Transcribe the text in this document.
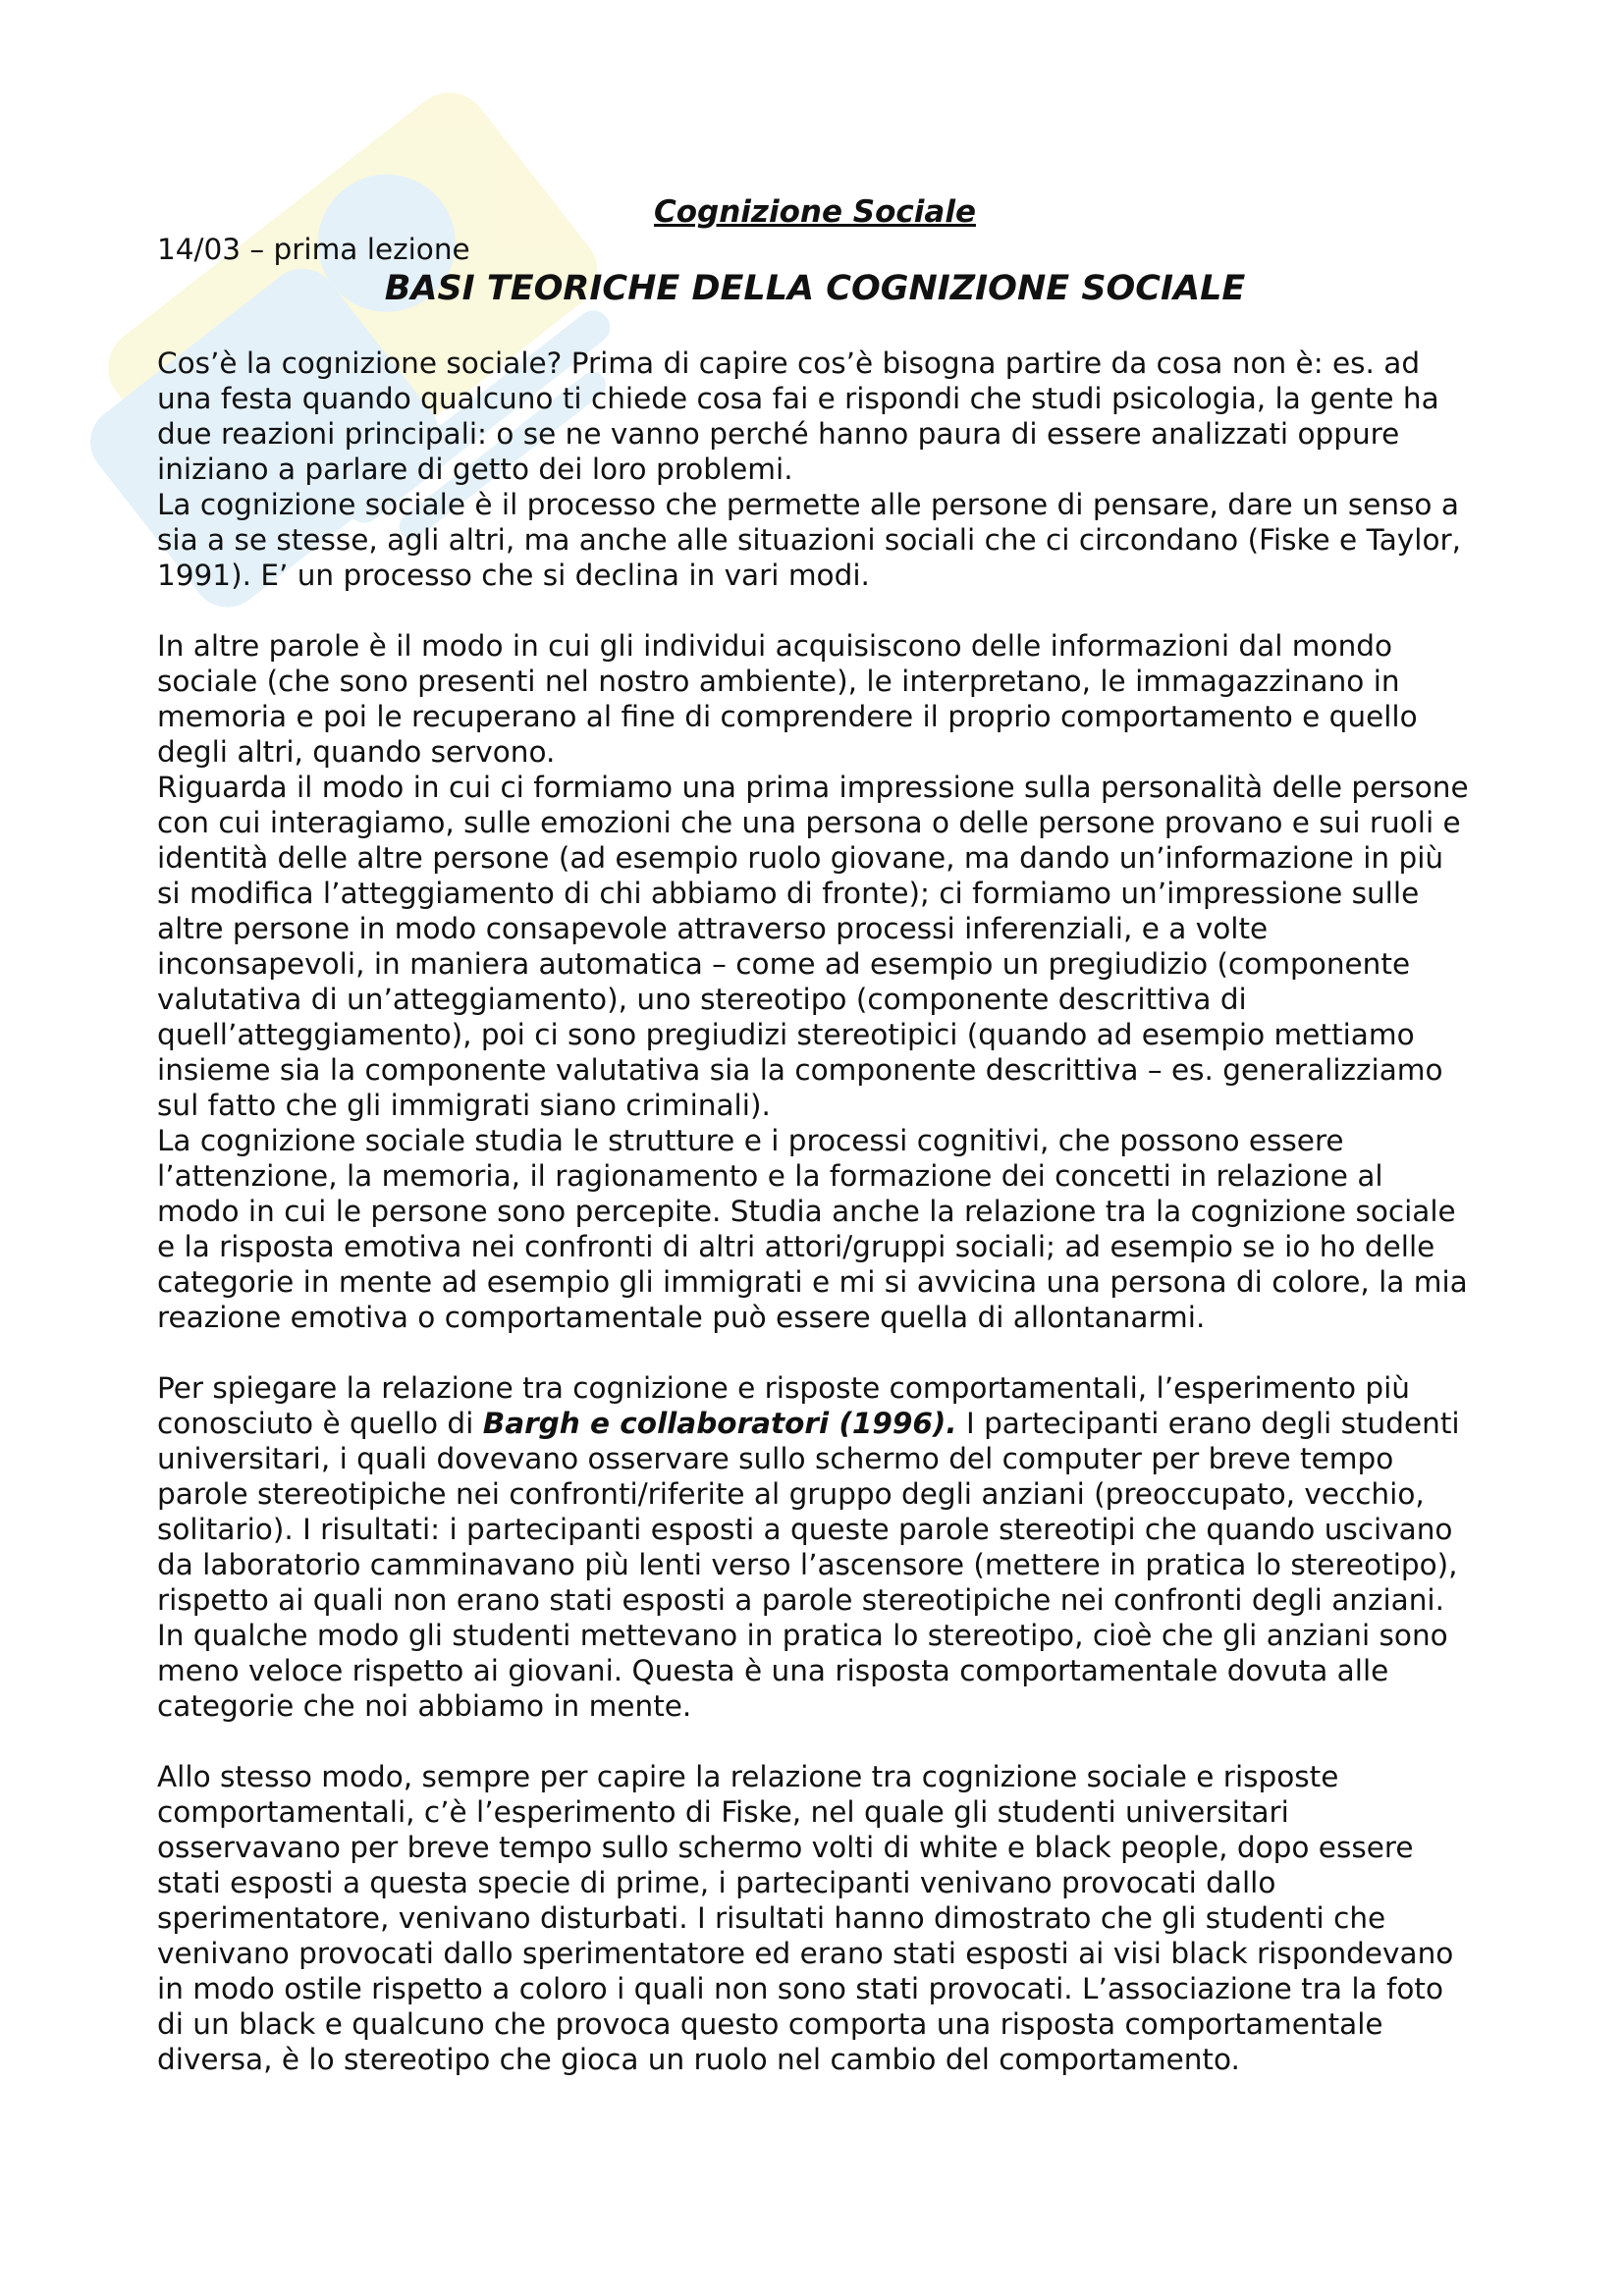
Cognizione Sociale

14/03 – prima lezione

BASI TEORICHE DELLA COGNIZIONE SOCIALE

Cos’è la cognizione sociale? Prima di capire cos’è bisogna partire da cosa non è: es. ad una festa quando qualcuno ti chiede cosa fai e rispondi che studi psicologia, la gente ha due reazioni principali: o se ne vanno perché hanno paura di essere analizzati oppure iniziano a parlare di getto dei loro problemi.

La cognizione sociale è il processo che permette alle persone di pensare, dare un senso a sia a se stesse, agli altri, ma anche alle situazioni sociali che ci circondano (Fiske e Taylor, 1991). E’ un processo che si declina in vari modi.

In altre parole è il modo in cui gli individui acquisiscono delle informazioni dal mondo sociale (che sono presenti nel nostro ambiente), le interpretano, le immagazzinano in memoria e poi le recuperano al fine di comprendere il proprio comportamento e quello degli altri, quando servono.

Riguarda il modo in cui ci formiamo una prima impressione sulla personalità delle persone con cui interagiamo, sulle emozioni che una persona o delle persone provano e sui ruoli e identità delle altre persone (ad esempio ruolo giovane, ma dando un’informazione in più si modifica l’atteggiamento di chi abbiamo di fronte); ci formiamo un’impressione sulle altre persone in modo consapevole attraverso processi inferenziali, e a volte inconsapevoli, in maniera automatica – come ad esempio un pregiudizio (componente valutativa di un’atteggiamento), uno stereotipo (componente descrittiva di quell’atteggiamento), poi ci sono pregiudizi stereotipici (quando ad esempio mettiamo insieme sia la componente valutativa sia la componente descrittiva – es. generalizziamo sul fatto che gli immigrati siano criminali).

La cognizione sociale studia le strutture e i processi cognitivi, che possono essere l’attenzione, la memoria, il ragionamento e la formazione dei concetti in relazione al modo in cui le persone sono percepite. Studia anche la relazione tra la cognizione sociale e la risposta emotiva nei confronti di altri attori/gruppi sociali; ad esempio se io ho delle categorie in mente ad esempio gli immigrati e mi si avvicina una persona di colore, la mia reazione emotiva o comportamentale può essere quella di allontanarmi.

Per spiegare la relazione tra cognizione e risposte comportamentali, l’esperimento più conosciuto è quello di Bargh e collaboratori (1996). I partecipanti erano degli studenti universitari, i quali dovevano osservare sullo schermo del computer per breve tempo parole stereotipiche nei confronti/riferite al gruppo degli anziani (preoccupato, vecchio, solitario). I risultati: i partecipanti esposti a queste parole stereotipi che quando uscivano da laboratorio camminavano più lenti verso l’ascensore (mettere in pratica lo stereotipo), rispetto ai quali non erano stati esposti a parole stereotipiche nei confronti degli anziani. In qualche modo gli studenti mettevano in pratica lo stereotipo, cioè che gli anziani sono meno veloce rispetto ai giovani. Questa è una risposta comportamentale dovuta alle categorie che noi abbiamo in mente.

Allo stesso modo, sempre per capire la relazione tra cognizione sociale e risposte comportamentali, c’è l’esperimento di Fiske, nel quale gli studenti universitari osservavano per breve tempo sullo schermo volti di white e black people, dopo essere stati esposti a questa specie di prime, i partecipanti venivano provocati dallo sperimentatore, venivano disturbati. I risultati hanno dimostrato che gli studenti che venivano provocati dallo sperimentatore ed erano stati esposti ai visi black rispondevano in modo ostile rispetto a coloro i quali non sono stati provocati. L’associazione tra la foto di un black e qualcuno che provoca questo comporta una risposta comportamentale diversa, è lo stereotipo che gioca un ruolo nel cambio del comportamento.
